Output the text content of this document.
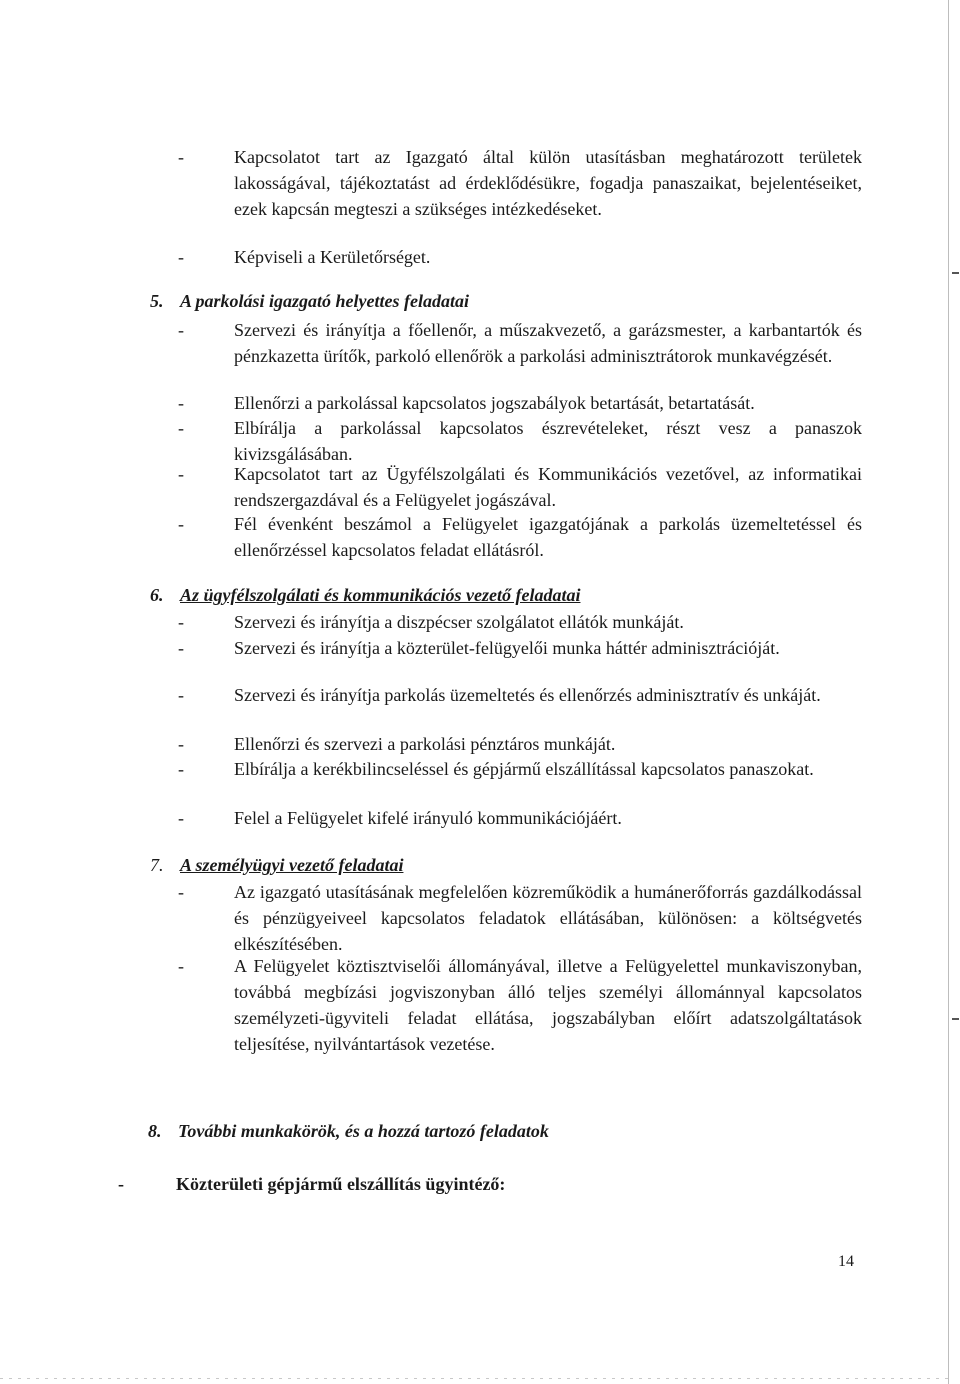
-	Kapcsolatot tart az Igazgató által külön utasításban meghatározott területek lakosságával, tájékoztatást ad érdeklődésükre, fogadja panaszaikat, bejelentéseiket, ezek kapcsán megteszi a szükséges intézkedéseket.
-	Képviseli a Kerületőrséget.
5. A parkolási igazgató helyettes feladatai
-	Szervezi és irányítja a főellenőr, a műszakvezető, a garázsmester, a karbantartók és pénzkazetta ürítők, parkoló ellenőrök a parkolási adminisztrátorok munkavégzését.
-	Ellenőrzi a parkolással kapcsolatos jogszabályok betartását, betartatását.
-	Elbírálja a parkolással kapcsolatos észrevételeket, részt vesz a panaszok kivizsgálásában.
-	Kapcsolatot tart az Ügyfélszolgálati és Kommunikációs vezetővel, az informatikai rendszergazdával és a Felügyelet jogászával.
-	Fél évenként beszámol a Felügyelet igazgatójának a parkolás üzemeltetéssel és ellenőrzéssel kapcsolatos feladat ellátásról.
6. Az ügyfélszolgálati és kommunikációs vezető feladatai
-	Szervezi és irányítja a diszpécser szolgálatot ellátók munkáját.
-	Szervezi és irányítja a közterület-felügyelői munka háttér adminisztrációját.
-	Szervezi és irányítja parkolás üzemeltetés és ellenőrzés adminisztratív és unkáját.
-	Ellenőrzi és szervezi a parkolási pénztáros munkáját.
-	Elbírálja a kerékbilincseléssel és gépjármű elszállítással kapcsolatos panaszokat.
-	Felel a Felügyelet kifelé irányuló kommunikációjáért.
7. A személyügyi vezető feladatai
-	Az igazgató utasításának megfelelően közreműködik a humánerőforrás gazdálkodással és pénzügyeiveel kapcsolatos feladatok ellátásában, különösen: a költségvetés elkészítésében.
-	A Felügyelet köztisztviselői állományával, illetve a Felügyelettel munkaviszonyban, továbbá megbízási jogviszonyban álló teljes személyi állománnyal kapcsolatos személyzeti-ügyviteli feladat ellátása, jogszabályban előírt adatszolgáltatások teljesítése, nyilvántartások vezetése.
8. További munkakörök, és a hozzá tartozó feladatok
-	Közterületi gépjármű elszállítás ügyintéző:
14
